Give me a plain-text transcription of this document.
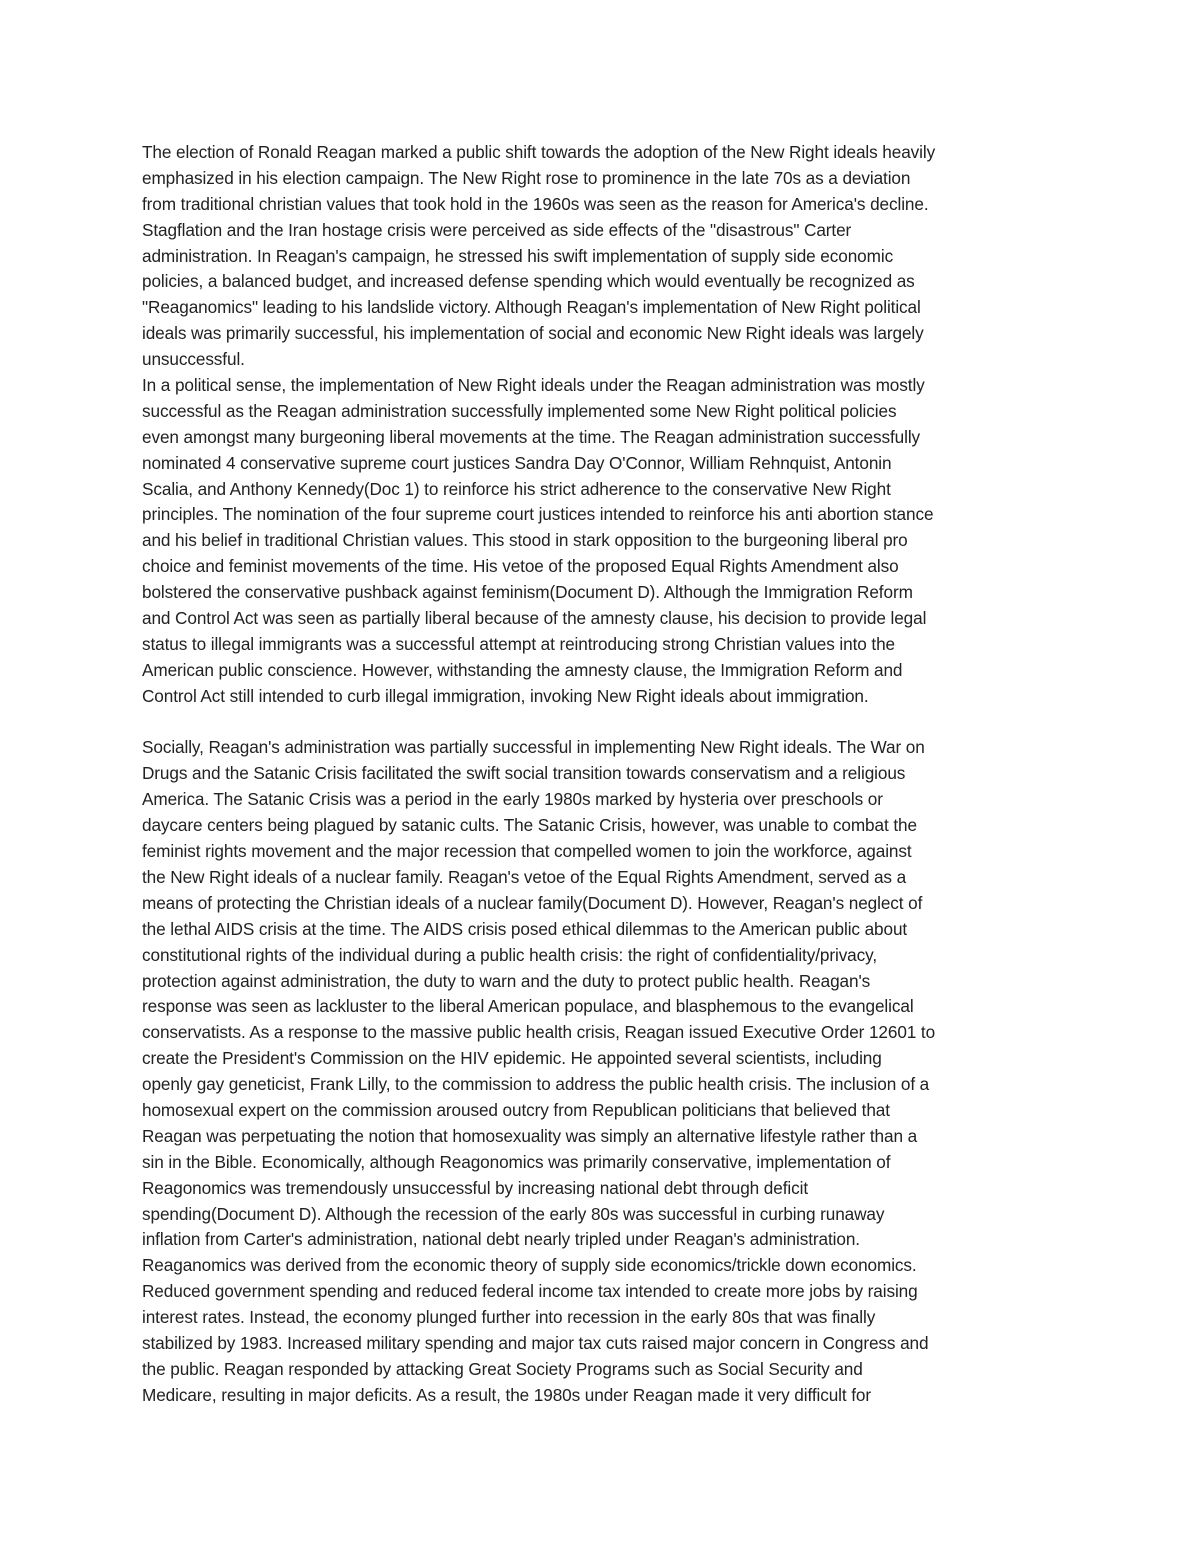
The election of Ronald Reagan marked a public shift towards the adoption of the New Right ideals heavily
emphasized in his election campaign. The New Right rose to prominence in the late 70s as a deviation
from traditional christian values that took hold in the 1960s was seen as the reason for America's decline.
Stagflation and the Iran hostage crisis were perceived as side effects of the "disastrous" Carter
administration. In Reagan's campaign, he stressed his swift implementation of supply side economic
policies, a balanced budget, and increased defense spending which would eventually be recognized as
"Reaganomics" leading to his landslide victory. Although Reagan's implementation of New Right political
ideals was primarily successful, his implementation of social and economic New Right ideals was largely
unsuccessful.
In a political sense, the implementation of New Right ideals under the Reagan administration was mostly
successful as the Reagan administration successfully implemented some New Right political policies
even amongst many burgeoning liberal movements at the time. The Reagan administration successfully
nominated 4 conservative supreme court justices Sandra Day O'Connor, William Rehnquist, Antonin
Scalia, and Anthony Kennedy(Doc 1) to reinforce his strict adherence to the conservative New Right
principles. The nomination of the four supreme court justices intended to reinforce his anti abortion stance
and his belief in traditional Christian values. This stood in stark opposition to the burgeoning liberal pro
choice and feminist movements of the time. His vetoe of the proposed Equal Rights Amendment also
bolstered the conservative pushback against feminism(Document D). Although the Immigration Reform
and Control Act was seen as partially liberal because of the amnesty clause, his decision to provide legal
status to illegal immigrants was a successful attempt at reintroducing strong Christian values into the
American public conscience. However, withstanding the amnesty clause, the Immigration Reform and
Control Act still intended to curb illegal immigration, invoking New Right ideals about immigration.
Socially, Reagan's administration was partially successful in implementing New Right ideals. The War on
Drugs and the Satanic Crisis facilitated the swift social transition towards conservatism and a religious
America. The Satanic Crisis was a period in the early 1980s marked by hysteria over preschools or
daycare centers being plagued by satanic cults. The Satanic Crisis, however, was unable to combat the
feminist rights movement and the major recession that compelled women to join the workforce, against
the New Right ideals of a nuclear family. Reagan's vetoe of the Equal Rights Amendment, served as a
means of protecting the Christian ideals of a nuclear family(Document D). However, Reagan's neglect of
the lethal AIDS crisis at the time. The AIDS crisis posed ethical dilemmas to the American public about
constitutional rights of the individual during a public health crisis: the right of confidentiality/privacy,
protection against administration, the duty to warn and the duty to protect public health. Reagan's
response was seen as lackluster to the liberal American populace, and blasphemous to the evangelical
conservatists. As a response to the massive public health crisis, Reagan issued Executive Order 12601 to
create the President's Commission on the HIV epidemic. He appointed several scientists, including
openly gay geneticist, Frank Lilly, to the commission to address the public health crisis. The inclusion of a
homosexual expert on the commission aroused outcry from Republican politicians that believed that
Reagan was perpetuating the notion that homosexuality was simply an alternative lifestyle rather than a
sin in the Bible. Economically, although Reagonomics was primarily conservative, implementation of
Reagonomics was tremendously unsuccessful by increasing national debt through deficit
spending(Document D). Although the recession of the early 80s was successful in curbing runaway
inflation from Carter's administration, national debt nearly tripled under Reagan's administration.
Reaganomics was derived from the economic theory of supply side economics/trickle down economics.
Reduced government spending and reduced federal income tax intended to create more jobs by raising
interest rates. Instead, the economy plunged further into recession in the early 80s that was finally
stabilized by 1983. Increased military spending and major tax cuts raised major concern in Congress and
the public. Reagan responded by attacking Great Society Programs such as Social Security and
Medicare, resulting in major deficits. As a result, the 1980s under Reagan made it very difficult for
